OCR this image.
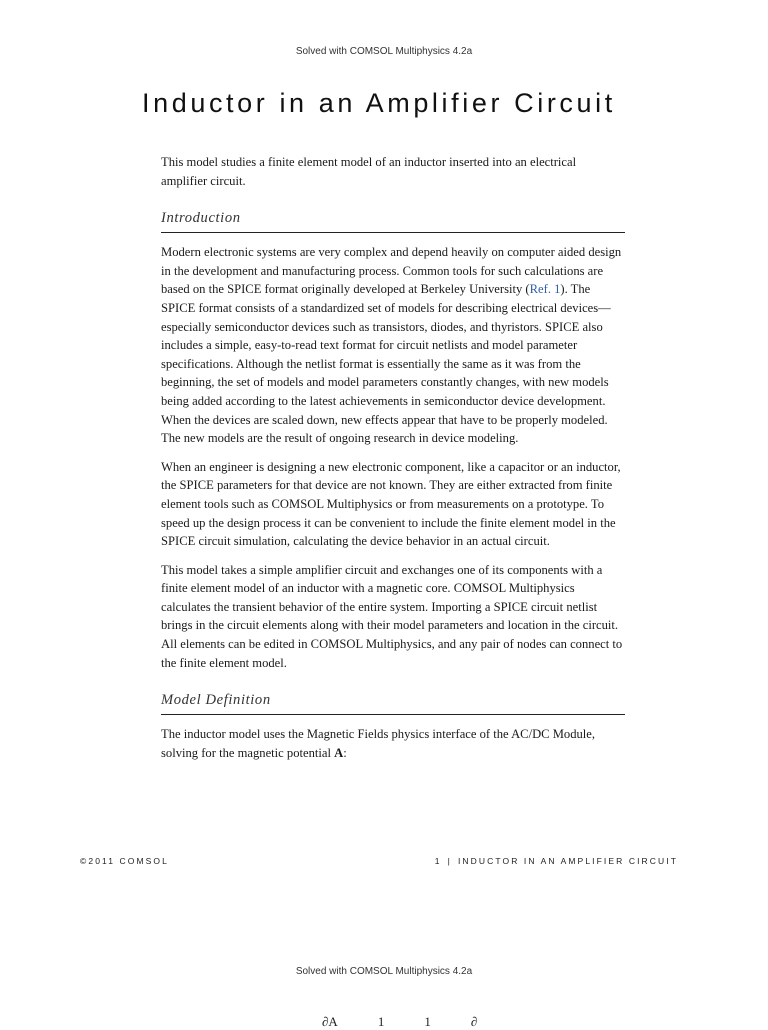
Solved with COMSOL Multiphysics 4.2a
Inductor in an Amplifier Circuit

This model studies a finite element model of an inductor inserted into an electrical amplifier circuit.

Introduction

Modern electronic systems are very complex and depend heavily on computer aided design in the development and manufacturing process. Common tools for such calculations are based on the SPICE format originally developed at Berkeley University (Ref. 1). The SPICE format consists of a standardized set of models for describing electrical devices—especially semiconductor devices such as transistors, diodes, and thyristors. SPICE also includes a simple, easy-to-read text format for circuit netlists and model parameter specifications. Although the netlist format is essentially the same as it was from the beginning, the set of models and model parameters constantly changes, with new models being added according to the latest achievements in semiconductor device development. When the devices are scaled down, new effects appear that have to be properly modeled. The new models are the result of ongoing research in device modeling.

When an engineer is designing a new electronic component, like a capacitor or an inductor, the SPICE parameters for that device are not known. They are either extracted from finite element tools such as COMSOL Multiphysics or from measurements on a prototype. To speed up the design process it can be convenient to include the finite element model in the SPICE circuit simulation, calculating the device behavior in an actual circuit.

This model takes a simple amplifier circuit and exchanges one of its components with a finite element model of an inductor with a magnetic core. COMSOL Multiphysics calculates the transient behavior of the entire system. Importing a SPICE circuit netlist brings in the circuit elements along with their model parameters and location in the circuit. All elements can be edited in COMSOL Multiphysics, and any pair of nodes can connect to the finite element model.

Model Definition

The inductor model uses the Magnetic Fields physics interface of the AC/DC Module, solving for the magnetic potential A:

©2011 COMSOL	1 | INDUCTOR IN AN AMPLIFIER CIRCUIT
Solved with COMSOL Multiphysics 4.2a
∂A	1	1	∂
